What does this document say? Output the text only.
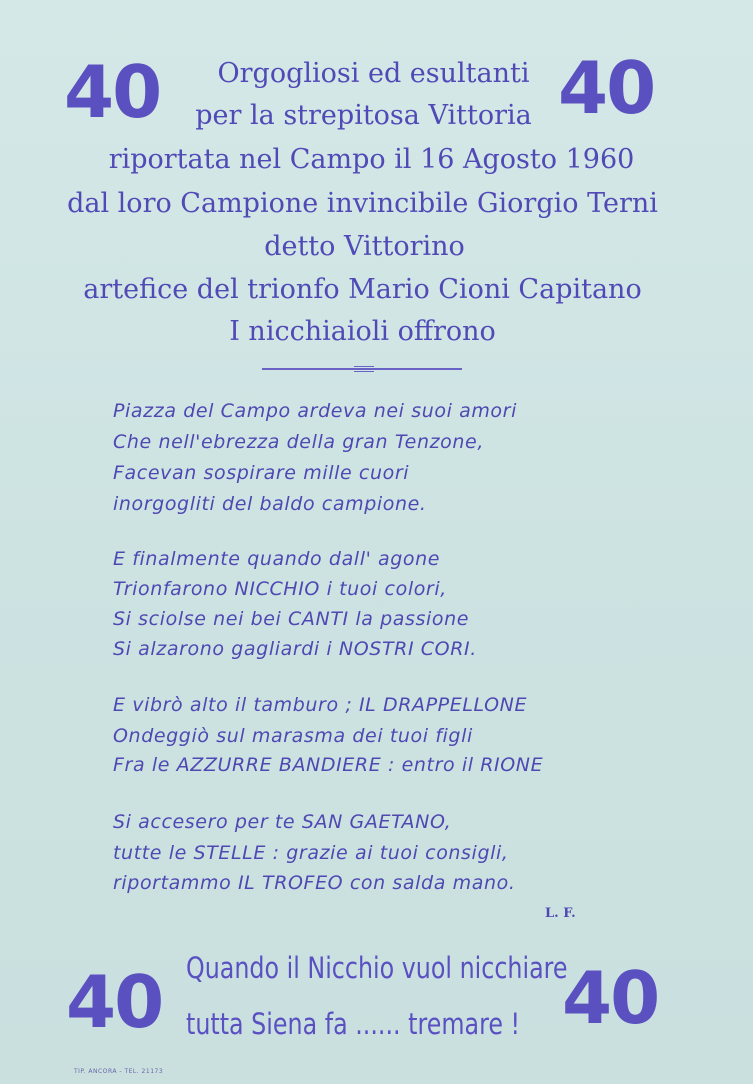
40	40
Orgogliosi ed esultanti
per la strepitosa Vittoria
riportata nel Campo il 16 Agosto 1960
dal loro Campione invincibile Giorgio Terni
detto Vittorino
artefice del trionfo Mario Cioni Capitano
I nicchiaioli offrono
Piazza del Campo ardeva nei suoi amori
Che nell'ebrezza della gran Tenzone,
Facevan sospirare mille cuori
inorgogliti del baldo campione.
E finalmente quando dall' agone
Trionfarono NICCHIO i tuoi colori,
Si sciolse nei bei CANTI la passione
Si alzarono gagliardi i NOSTRI CORI.
E vibrò alto il tamburo ; IL DRAPPELLONE
Ondeggiò sul marasma dei tuoi figli
Fra le AZZURRE BANDIERE : entro il RIONE
Si accesero per te SAN GAETANO,
tutte le STELLE : grazie ai tuoi consigli,
riportammo IL TROFEO con salda mano.
L. F.
40 Quando il Nicchio vuol nicchiare
tutta Siena fa ...... tremare ! 40
TIP. ANCORA - TEL. 21173
